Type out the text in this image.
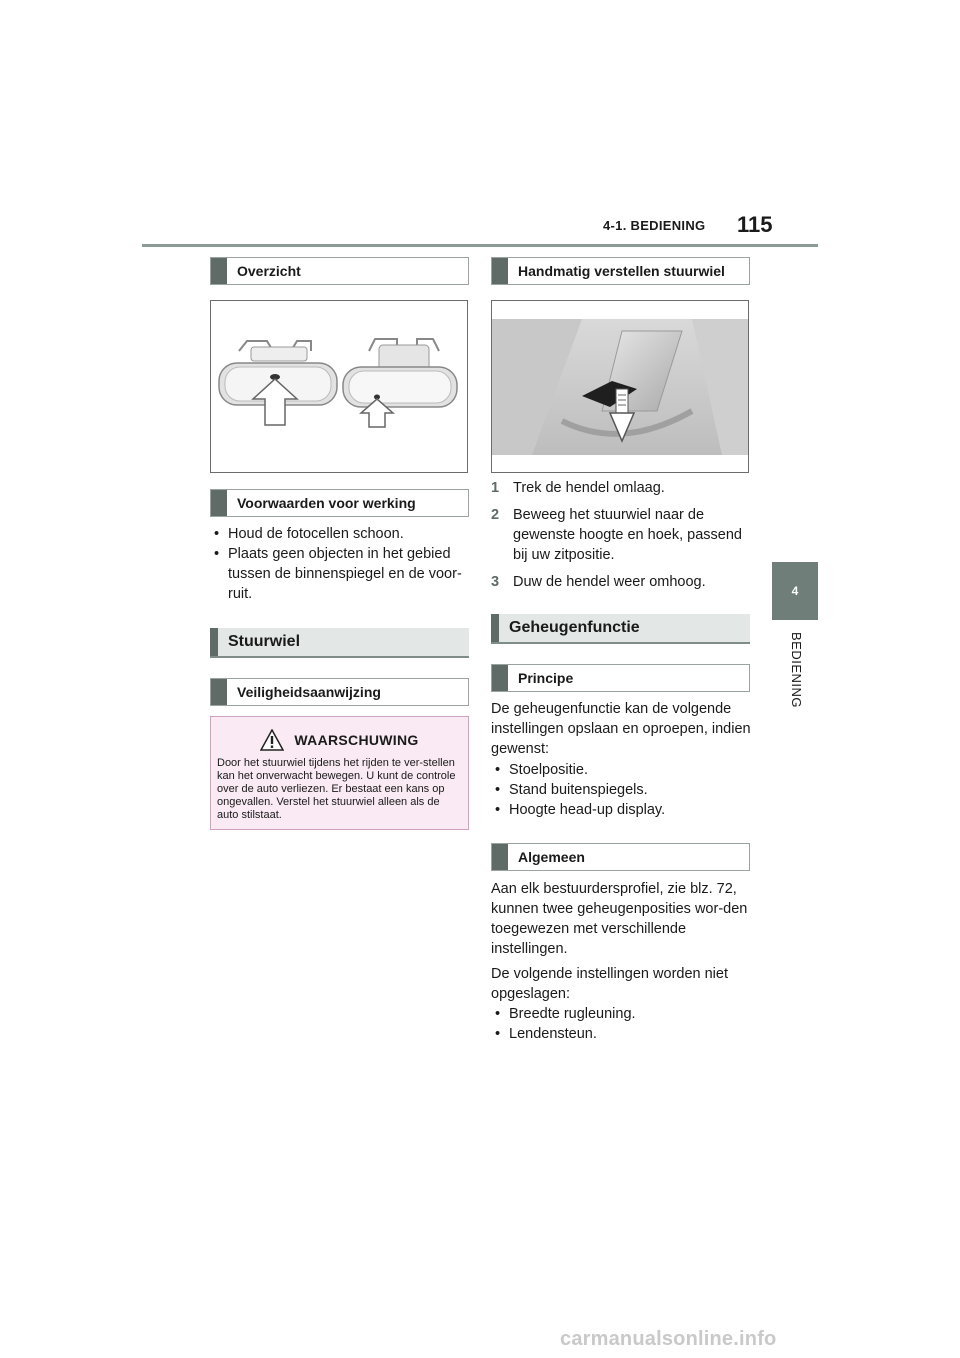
4-1. BEDIENING 115
4
BEDIENING
Overzicht
Voorwaarden voor werking
• Houd de fotocellen schoon.
• Plaats geen objecten in het gebied tussen de binnenspiegel en de voor-ruit.
Stuurwiel
Veiligheidsaanwijzing
WAARSCHUWING
Door het stuurwiel tijdens het rijden te ver-stellen kan het onverwacht bewegen. U kunt de controle over de auto verliezen. Er bestaat een kans op ongevallen. Verstel het stuurwiel alleen als de auto stilstaat.
Handmatig verstellen stuurwiel
1 Trek de hendel omlaag.
2 Beweeg het stuurwiel naar de gewenste hoogte en hoek, passend bij uw zitpositie.
3 Duw de hendel weer omhoog.
Geheugenfunctie
Principe
De geheugenfunctie kan de volgende instellingen opslaan en oproepen, indien gewenst:
• Stoelpositie.
• Stand buitenspiegels.
• Hoogte head-up display.
Algemeen
Aan elk bestuurdersprofiel, zie blz. 72, kunnen twee geheugenposities wor-den toegewezen met verschillende instellingen.
De volgende instellingen worden niet opgeslagen:
• Breedte rugleuning.
• Lendensteun.
carmanualsonline.info
